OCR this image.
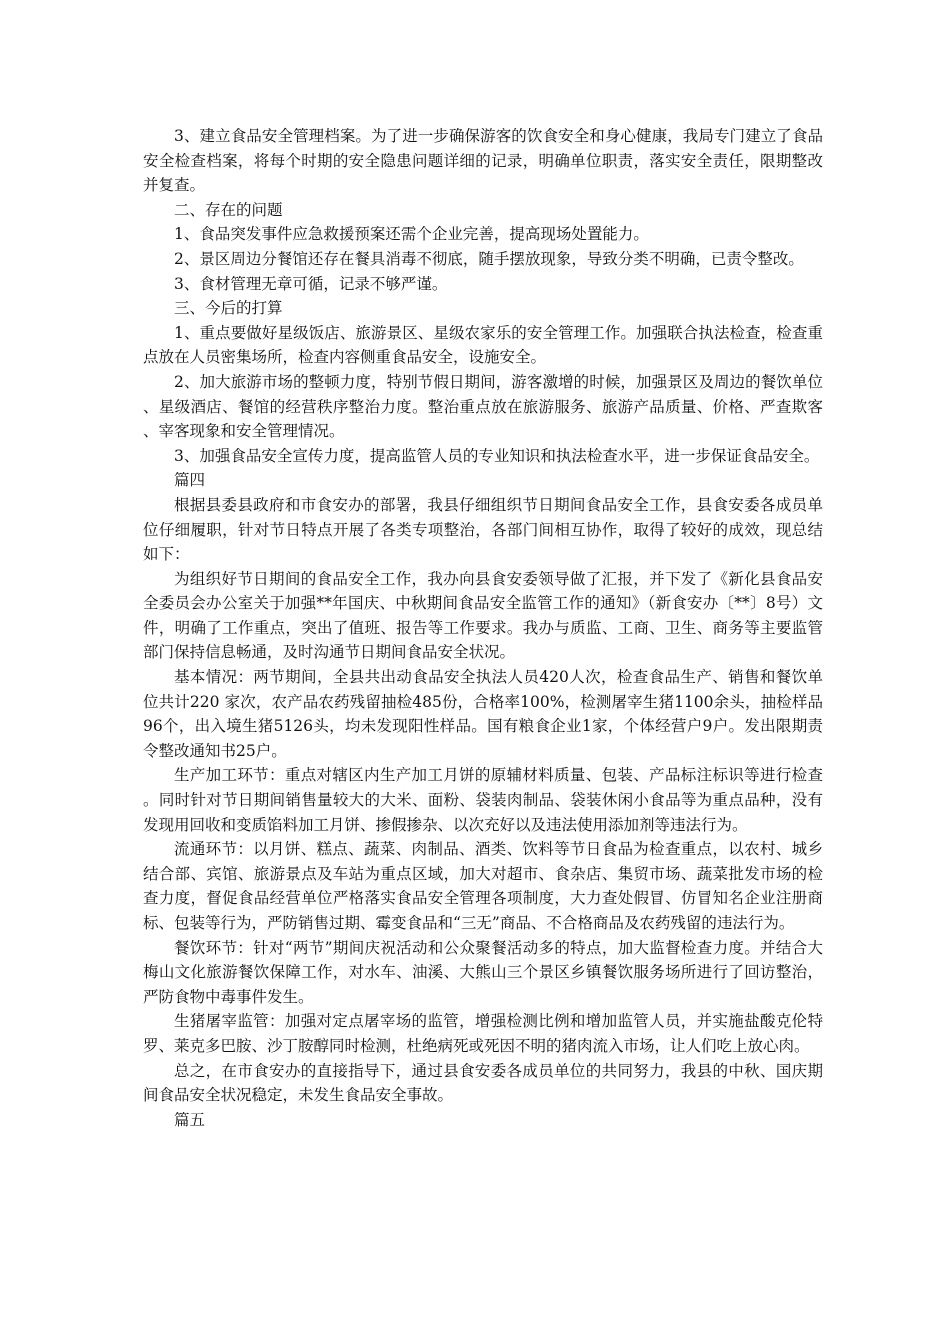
3、建立食品安全管理档案。为了进一步确保游客的饮食安全和身心健康，我局专门建立了食品安全检查档案，将每个时期的安全隐患问题详细的记录，明确单位职责，落实安全责任，限期整改并复查。

二、存在的问题

1、食品突发事件应急救援预案还需个企业完善，提高现场处置能力。

2、景区周边分餐馆还存在餐具消毒不彻底，随手摆放现象，导致分类不明确，已责令整改。

3、食材管理无章可循，记录不够严谨。

三、今后的打算

1、重点要做好星级饭店、旅游景区、星级农家乐的安全管理工作。加强联合执法检查，检查重点放在人员密集场所，检查内容侧重食品安全，设施安全。

2、加大旅游市场的整顿力度，特别节假日期间，游客激增的时候，加强景区及周边的餐饮单位、星级酒店、餐馆的经营秩序整治力度。整治重点放在旅游服务、旅游产品质量、价格、严查欺客、宰客现象和安全管理情况。

3、加强食品安全宣传力度，提高监管人员的专业知识和执法检查水平，进一步保证食品安全。

篇四

根据县委县政府和市食安办的部署，我县仔细组织节日期间食品安全工作，县食安委各成员单位仔细履职，针对节日特点开展了各类专项整治，各部门间相互协作，取得了较好的成效，现总结如下：

为组织好节日期间的食品安全工作，我办向县食安委领导做了汇报，并下发了《新化县食品安全委员会办公室关于加强**年国庆、中秋期间食品安全监管工作的通知》（新食安办〔**〕8号）文件，明确了工作重点，突出了值班、报告等工作要求。我办与质监、工商、卫生、商务等主要监管部门保持信息畅通，及时沟通节日期间食品安全状况。

基本情况：两节期间，全县共出动食品安全执法人员420人次，检查食品生产、销售和餐饮单位共计220 家次，农产品农药残留抽检485份，合格率100%，检测屠宰生猪1100余头，抽检样品96个，出入境生猪5126头，均未发现阳性样品。国有粮食企业1家，个体经营户9户。发出限期责令整改通知书25户。

生产加工环节：重点对辖区内生产加工月饼的原辅材料质量、包装、产品标注标识等进行检查。同时针对节日期间销售量较大的大米、面粉、袋装肉制品、袋装休闲小食品等为重点品种，没有发现用回收和变质馅料加工月饼、掺假掺杂、以次充好以及违法使用添加剂等违法行为。

流通环节：以月饼、糕点、蔬菜、肉制品、酒类、饮料等节日食品为检查重点，以农村、城乡结合部、宾馆、旅游景点及车站为重点区域，加大对超市、食杂店、集贸市场、蔬菜批发市场的检查力度，督促食品经营单位严格落实食品安全管理各项制度，大力查处假冒、仿冒知名企业注册商标、包装等行为，严防销售过期、霉变食品和“三无”商品、不合格商品及农药残留的违法行为。

餐饮环节：针对“两节”期间庆祝活动和公众聚餐活动多的特点，加大监督检查力度。并结合大梅山文化旅游餐饮保障工作，对水车、油溪、大熊山三个景区乡镇餐饮服务场所进行了回访整治，严防食物中毒事件发生。

生猪屠宰监管：加强对定点屠宰场的监管，增强检测比例和增加监管人员，并实施盐酸克伦特罗、莱克多巴胺、沙丁胺醇同时检测，杜绝病死或死因不明的猪肉流入市场，让人们吃上放心肉。

总之，在市食安办的直接指导下，通过县食安委各成员单位的共同努力，我县的中秋、国庆期间食品安全状况稳定，未发生食品安全事故。

篇五
